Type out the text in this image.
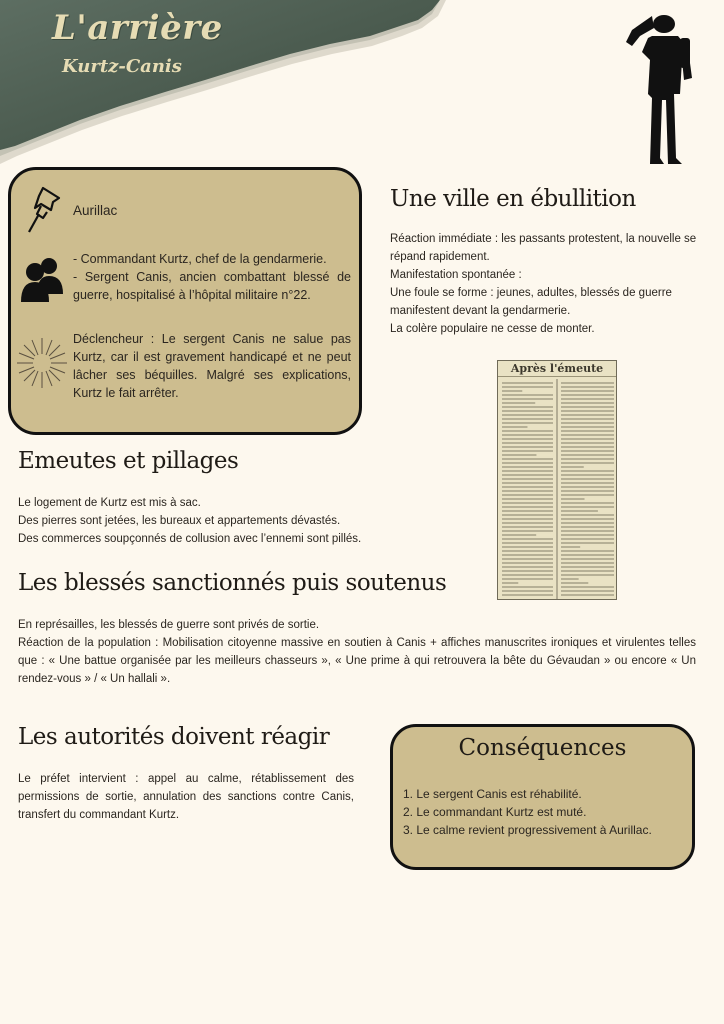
L'arrière
Kurtz-Canis
Aurillac
- Commandant Kurtz, chef de la gendarmerie.
- Sergent Canis, ancien combattant blessé de guerre, hospitalisé à l’hôpital militaire n°22.
Déclencheur : Le sergent Canis ne salue pas Kurtz, car il est gravement handicapé et ne peut lâcher ses béquilles. Malgré ses explications, Kurtz le fait arrêter.
Une ville en ébullition

Réaction immédiate : les passants protestent, la nouvelle se répand rapidement.

Manifestation spontanée :

Une foule se forme : jeunes, adultes, blessés de guerre manifestent devant la gendarmerie.

La colère populaire ne cesse de monter.

Après l'émeute
Emeutes et pillages

Le logement de Kurtz est mis à sac.

Des pierres sont jetées, les bureaux et appartements dévastés.

Des commerces soupçonnés de collusion avec l’ennemi sont pillés.

Les blessés sanctionnés puis soutenus

En représailles, les blessés de guerre sont privés de sortie.

Réaction de la population : Mobilisation citoyenne massive en soutien à Canis + affiches manuscrites ironiques et virulentes telles que : « Une battue organisée par les meilleurs chasseurs », « Une prime à qui retrouvera la bête du Gévaudan » ou encore « Un rendez-vous » / « Un hallali ».

Les autorités doivent réagir
Le préfet intervient : appel au calme, rétablissement des permissions de sortie, annulation des sanctions contre Canis, transfert du commandant Kurtz.
Conséquences
1. Le sergent Canis est réhabilité.
2. Le commandant Kurtz est muté.
3. Le calme revient progressivement à Aurillac.
